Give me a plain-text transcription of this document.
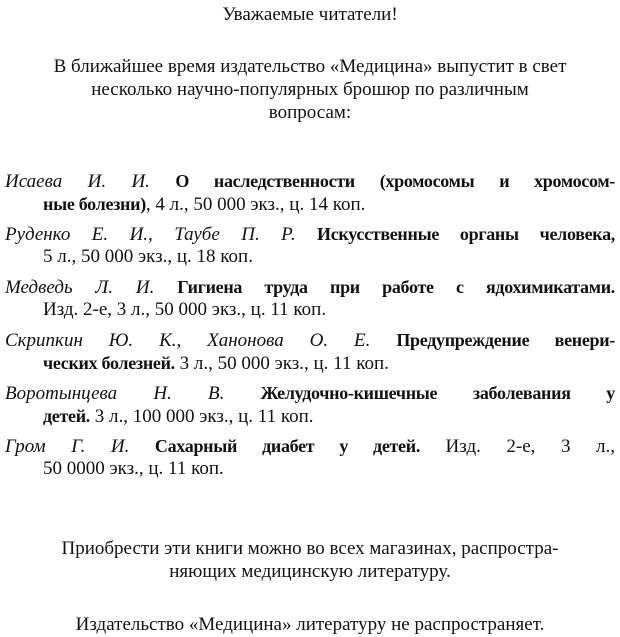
Уважаемые читатели!
В ближайшее время издательство «Медицина» выпустит в свет
несколько научно-популярных брошюр по различным
вопросам:
Исаева И. И. О наследственности (хромосомы и хромосом-
ные болезни), 4 л., 50 000 экз., ц. 14 коп.
Руденко Е. И., Таубе П. Р. Искусственные органы человека,
5 л., 50 000 экз., ц. 18 коп.
Медведь Л. И. Гигиена труда при работе с ядохимикатами.
Изд. 2-е, 3 л., 50 000 экз., ц. 11 коп.
Скрипкин Ю. К., Ханонова О. Е. Предупреждение венери-
ческих болезней. 3 л., 50 000 экз., ц. 11 коп.
Воротынцева Н. В. Желудочно-кишечные заболевания у
детей. 3 л., 100 000 экз., ц. 11 коп.
Гром Г. И. Сахарный диабет у детей. Изд. 2-е, 3 л.,
50 0000 экз., ц. 11 коп.
Приобрести эти книги можно во всех магазинах, распростра-
няющих медицинскую литературу.
Издательство «Медицина» литературу не распространяет.
